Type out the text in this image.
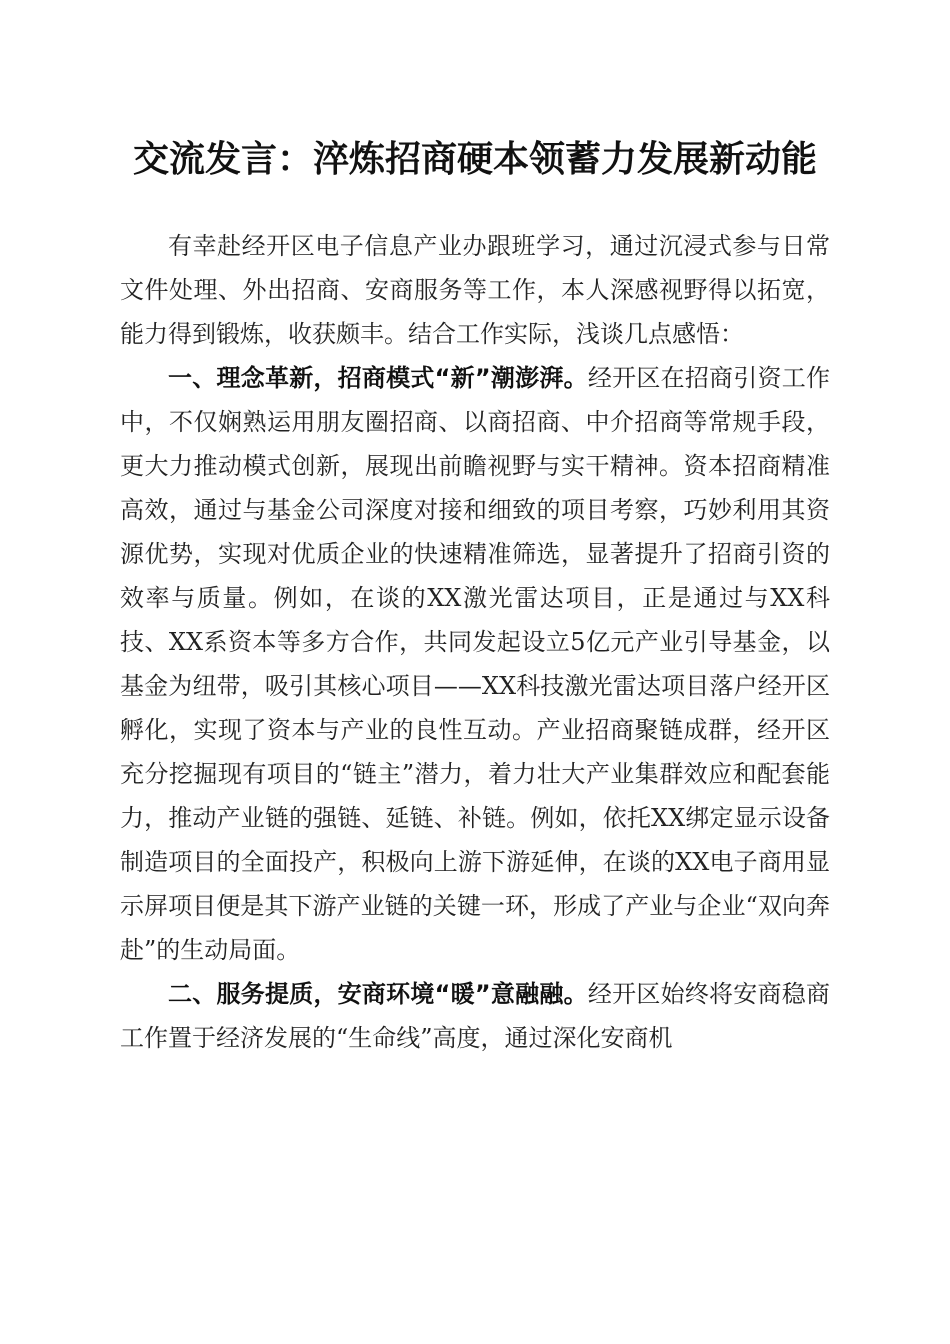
交流发言：淬炼招商硬本领蓄力发展新动能

有幸赴经开区电子信息产业办跟班学习，通过沉浸式参与日常文件处理、外出招商、安商服务等工作，本人深感视野得以拓宽，能力得到锻炼，收获颇丰。结合工作实际，浅谈几点感悟：

一、理念革新，招商模式“新”潮澎湃。经开区在招商引资工作中，不仅娴熟运用朋友圈招商、以商招商、中介招商等常规手段，更大力推动模式创新，展现出前瞻视野与实干精神。资本招商精准高效，通过与基金公司深度对接和细致的项目考察，巧妙利用其资源优势，实现对优质企业的快速精准筛选，显著提升了招商引资的效率与质量。例如，在谈的XX激光雷达项目，正是通过与XX科技、XX系资本等多方合作，共同发起设立5亿元产业引导基金，以基金为纽带，吸引其核心项目——XX科技激光雷达项目落户经开区孵化，实现了资本与产业的良性互动。产业招商聚链成群，经开区充分挖掘现有项目的“链主”潜力，着力壮大产业集群效应和配套能力，推动产业链的强链、延链、补链。例如，依托XX绑定显示设备制造项目的全面投产，积极向上游下游延伸，在谈的XX电子商用显示屏项目便是其下游产业链的关键一环，形成了产业与企业“双向奔赴”的生动局面。

二、服务提质，安商环境“暖”意融融。经开区始终将安商稳商工作置于经济发展的“生命线”高度，通过深化安商机
